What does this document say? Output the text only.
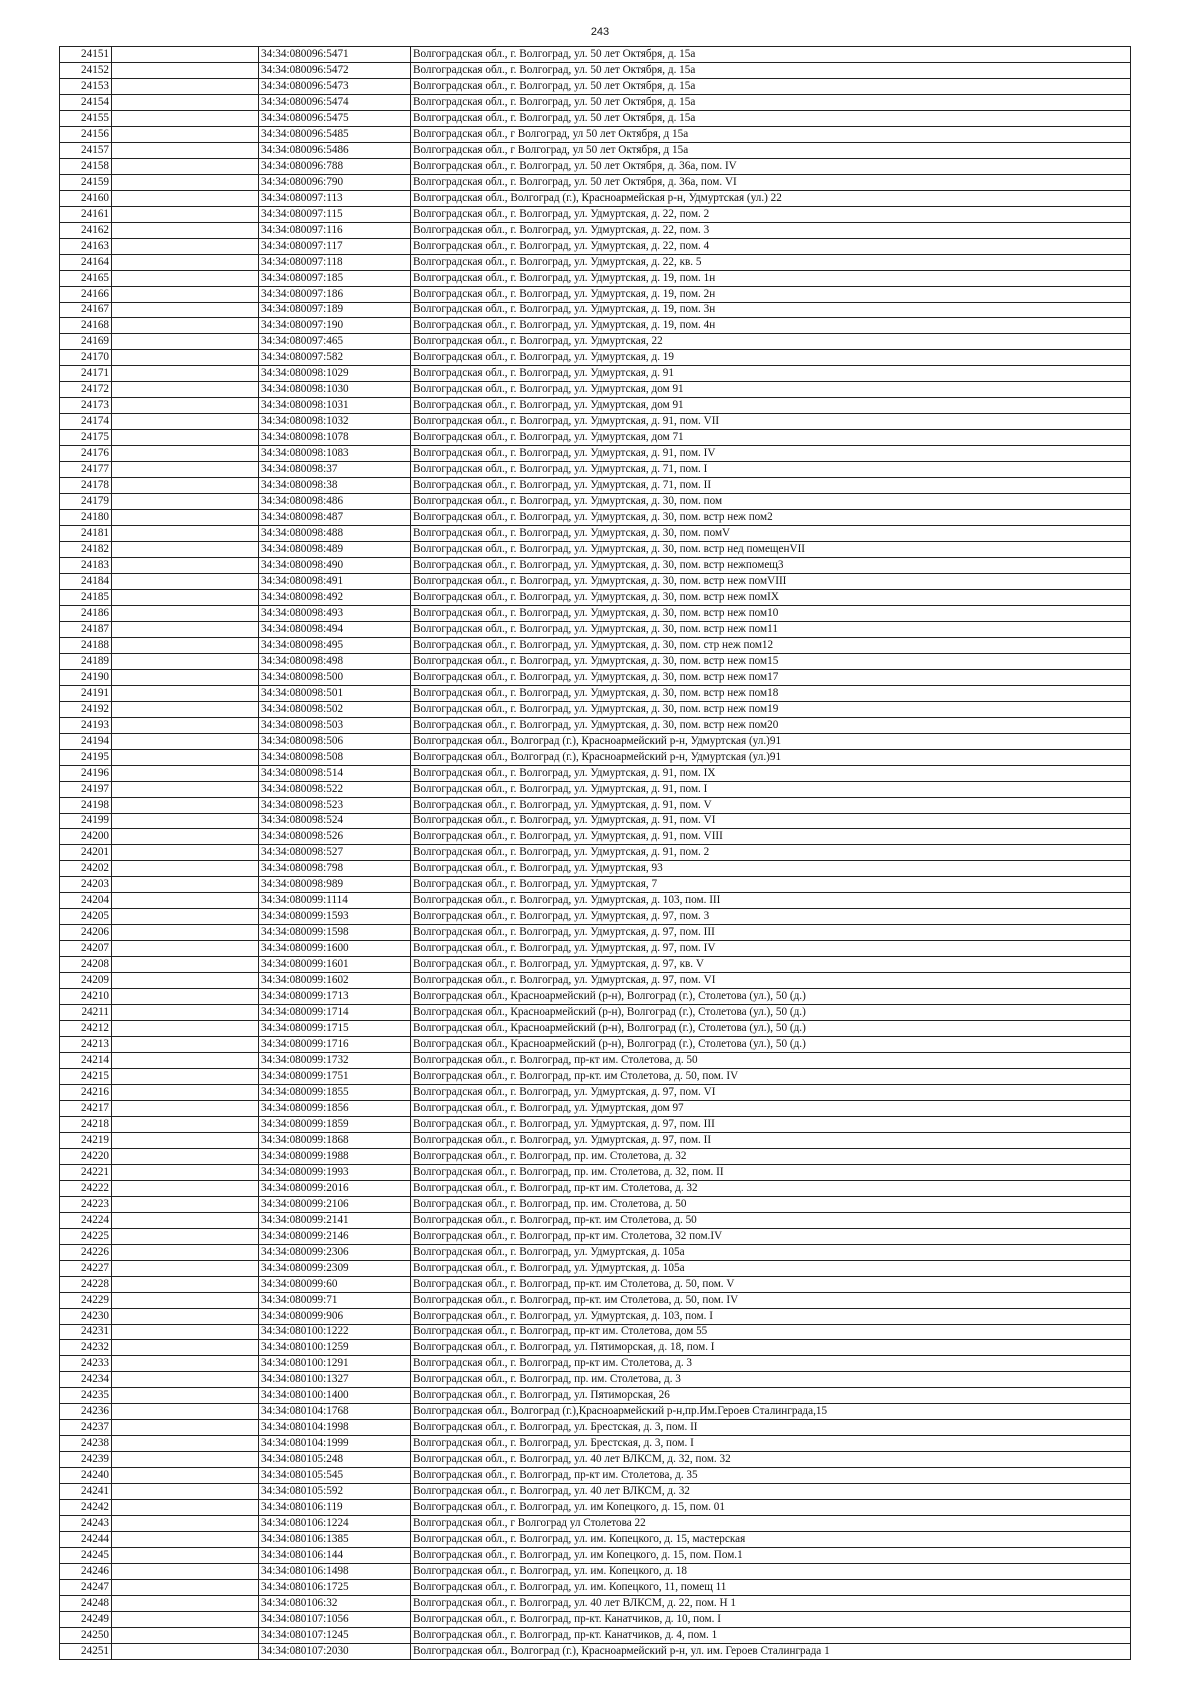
243
24151		34:34:080096:5471	Волгоградская обл., г. Волгоград, ул. 50 лет Октября, д. 15а
24152		34:34:080096:5472	Волгоградская обл., г. Волгоград, ул. 50 лет Октября, д. 15а
24153		34:34:080096:5473	Волгоградская обл., г. Волгоград, ул. 50 лет Октября, д. 15а
24154		34:34:080096:5474	Волгоградская обл., г. Волгоград, ул. 50 лет Октября, д. 15а
24155		34:34:080096:5475	Волгоградская обл., г. Волгоград, ул. 50 лет Октября, д. 15а
24156		34:34:080096:5485	Волгоградская обл., г Волгоград, ул 50 лет Октября, д 15а
24157		34:34:080096:5486	Волгоградская обл., г Волгоград, ул 50 лет Октября, д 15а
24158		34:34:080096:788	Волгоградская обл., г. Волгоград, ул. 50 лет Октября, д. 36а, пом. IV
24159		34:34:080096:790	Волгоградская обл., г. Волгоград, ул. 50 лет Октября, д. 36а, пом. VI
24160		34:34:080097:113	Волгоградская обл., Волгоград (г.), Красноармейская р-н, Удмуртская (ул.) 22
24161		34:34:080097:115	Волгоградская обл., г. Волгоград, ул. Удмуртская, д. 22, пом. 2
24162		34:34:080097:116	Волгоградская обл., г. Волгоград, ул. Удмуртская, д. 22, пом. 3
24163		34:34:080097:117	Волгоградская обл., г. Волгоград, ул. Удмуртская, д. 22, пом. 4
24164		34:34:080097:118	Волгоградская обл., г. Волгоград, ул. Удмуртская, д. 22, кв. 5
24165		34:34:080097:185	Волгоградская обл., г. Волгоград, ул. Удмуртская, д. 19, пом. 1н
24166		34:34:080097:186	Волгоградская обл., г. Волгоград, ул. Удмуртская, д. 19, пом. 2н
24167		34:34:080097:189	Волгоградская обл., г. Волгоград, ул. Удмуртская, д. 19, пом. 3н
24168		34:34:080097:190	Волгоградская обл., г. Волгоград, ул. Удмуртская, д. 19, пом. 4н
24169		34:34:080097:465	Волгоградская обл., г. Волгоград, ул. Удмуртская, 22
24170		34:34:080097:582	Волгоградская обл., г. Волгоград, ул. Удмуртская, д. 19
24171		34:34:080098:1029	Волгоградская обл., г. Волгоград, ул. Удмуртская, д. 91
24172		34:34:080098:1030	Волгоградская обл., г. Волгоград, ул. Удмуртская, дом 91
24173		34:34:080098:1031	Волгоградская обл., г. Волгоград, ул. Удмуртская, дом 91
24174		34:34:080098:1032	Волгоградская обл., г. Волгоград, ул. Удмуртская, д. 91, пом. VII
24175		34:34:080098:1078	Волгоградская обл., г. Волгоград, ул. Удмуртская, дом 71
24176		34:34:080098:1083	Волгоградская обл., г. Волгоград, ул. Удмуртская, д. 91, пом. IV
24177		34:34:080098:37	Волгоградская обл., г. Волгоград, ул. Удмуртская, д. 71, пом. I
24178		34:34:080098:38	Волгоградская обл., г. Волгоград, ул. Удмуртская, д. 71, пом. II
24179		34:34:080098:486	Волгоградская обл., г. Волгоград, ул. Удмуртская, д. 30, пом. пом
24180		34:34:080098:487	Волгоградская обл., г. Волгоград, ул. Удмуртская, д. 30, пом. встр неж пом2
24181		34:34:080098:488	Волгоградская обл., г. Волгоград, ул. Удмуртская, д. 30, пом. помV
24182		34:34:080098:489	Волгоградская обл., г. Волгоград, ул. Удмуртская, д. 30, пом. встр нед помещенVII
24183		34:34:080098:490	Волгоградская обл., г. Волгоград, ул. Удмуртская, д. 30, пом. встр нежпомещ3
24184		34:34:080098:491	Волгоградская обл., г. Волгоград, ул. Удмуртская, д. 30, пом. встр неж помVIII
24185		34:34:080098:492	Волгоградская обл., г. Волгоград, ул. Удмуртская, д. 30, пом. встр неж помIX
24186		34:34:080098:493	Волгоградская обл., г. Волгоград, ул. Удмуртская, д. 30, пом. встр неж пом10
24187		34:34:080098:494	Волгоградская обл., г. Волгоград, ул. Удмуртская, д. 30, пом. встр неж пом11
24188		34:34:080098:495	Волгоградская обл., г. Волгоград, ул. Удмуртская, д. 30, пом. стр неж пом12
24189		34:34:080098:498	Волгоградская обл., г. Волгоград, ул. Удмуртская, д. 30, пом. встр неж пом15
24190		34:34:080098:500	Волгоградская обл., г. Волгоград, ул. Удмуртская, д. 30, пом. встр неж пом17
24191		34:34:080098:501	Волгоградская обл., г. Волгоград, ул. Удмуртская, д. 30, пом. встр неж пом18
24192		34:34:080098:502	Волгоградская обл., г. Волгоград, ул. Удмуртская, д. 30, пом. встр неж пом19
24193		34:34:080098:503	Волгоградская обл., г. Волгоград, ул. Удмуртская, д. 30, пом. встр неж пом20
24194		34:34:080098:506	Волгоградская обл., Волгоград (г.), Красноармейский р-н, Удмуртская (ул.)91
24195		34:34:080098:508	Волгоградская обл., Волгоград (г.), Красноармейский р-н, Удмуртская (ул.)91
24196		34:34:080098:514	Волгоградская обл., г. Волгоград, ул. Удмуртская, д. 91, пом. IX
24197		34:34:080098:522	Волгоградская обл., г. Волгоград, ул. Удмуртская, д. 91, пом. I
24198		34:34:080098:523	Волгоградская обл., г. Волгоград, ул. Удмуртская, д. 91, пом. V
24199		34:34:080098:524	Волгоградская обл., г. Волгоград, ул. Удмуртская, д. 91, пом. VI
24200		34:34:080098:526	Волгоградская обл., г. Волгоград, ул. Удмуртская, д. 91, пом. VIII
24201		34:34:080098:527	Волгоградская обл., г. Волгоград, ул. Удмуртская, д. 91, пом. 2
24202		34:34:080098:798	Волгоградская обл., г. Волгоград, ул. Удмуртская, 93
24203		34:34:080098:989	Волгоградская обл., г. Волгоград, ул. Удмуртская, 7
24204		34:34:080099:1114	Волгоградская обл., г. Волгоград, ул. Удмуртская, д. 103, пом. III
24205		34:34:080099:1593	Волгоградская обл., г. Волгоград, ул. Удмуртская, д. 97, пом. 3
24206		34:34:080099:1598	Волгоградская обл., г. Волгоград, ул. Удмуртская, д. 97, пом. III
24207		34:34:080099:1600	Волгоградская обл., г. Волгоград, ул. Удмуртская, д. 97, пом. IV
24208		34:34:080099:1601	Волгоградская обл., г. Волгоград, ул. Удмуртская, д. 97, кв. V
24209		34:34:080099:1602	Волгоградская обл., г. Волгоград, ул. Удмуртская, д. 97, пом. VI
24210		34:34:080099:1713	Волгоградская обл., Красноармейский (р-н), Волгоград (г.), Столетова (ул.), 50 (д.)
24211		34:34:080099:1714	Волгоградская обл., Красноармейский (р-н), Волгоград (г.), Столетова (ул.), 50 (д.)
24212		34:34:080099:1715	Волгоградская обл., Красноармейский (р-н), Волгоград (г.), Столетова (ул.), 50 (д.)
24213		34:34:080099:1716	Волгоградская обл., Красноармейский (р-н), Волгоград (г.), Столетова (ул.), 50 (д.)
24214		34:34:080099:1732	Волгоградская обл., г. Волгоград, пр-кт им. Столетова, д. 50
24215		34:34:080099:1751	Волгоградская обл., г. Волгоград, пр-кт. им Столетова, д. 50, пом. IV
24216		34:34:080099:1855	Волгоградская обл., г. Волгоград, ул. Удмуртская, д. 97, пом. VI
24217		34:34:080099:1856	Волгоградская обл., г. Волгоград, ул. Удмуртская, дом 97
24218		34:34:080099:1859	Волгоградская обл., г. Волгоград, ул. Удмуртская, д. 97, пом. III
24219		34:34:080099:1868	Волгоградская обл., г. Волгоград, ул. Удмуртская, д. 97, пом. II
24220		34:34:080099:1988	Волгоградская обл., г. Волгоград, пр. им. Столетова, д. 32
24221		34:34:080099:1993	Волгоградская обл., г. Волгоград, пр. им. Столетова, д. 32, пом. II
24222		34:34:080099:2016	Волгоградская обл., г. Волгоград, пр-кт им. Столетова, д. 32
24223		34:34:080099:2106	Волгоградская обл., г. Волгоград, пр. им. Столетова, д. 50
24224		34:34:080099:2141	Волгоградская обл., г. Волгоград, пр-кт. им Столетова, д. 50
24225		34:34:080099:2146	Волгоградская обл., г. Волгоград, пр-кт им. Столетова, 32 пом.IV
24226		34:34:080099:2306	Волгоградская обл., г. Волгоград, ул. Удмуртская, д. 105а
24227		34:34:080099:2309	Волгоградская обл., г. Волгоград, ул. Удмуртская, д. 105а
24228		34:34:080099:60	Волгоградская обл., г. Волгоград, пр-кт. им Столетова, д. 50, пом. V
24229		34:34:080099:71	Волгоградская обл., г. Волгоград, пр-кт. им Столетова, д. 50, пом. IV
24230		34:34:080099:906	Волгоградская обл., г. Волгоград, ул. Удмуртская, д. 103, пом. I
24231		34:34:080100:1222	Волгоградская обл., г. Волгоград, пр-кт им. Столетова, дом 55
24232		34:34:080100:1259	Волгоградская обл., г. Волгоград, ул. Пятиморская, д. 18, пом. I
24233		34:34:080100:1291	Волгоградская обл., г. Волгоград, пр-кт им. Столетова, д. 3
24234		34:34:080100:1327	Волгоградская обл., г. Волгоград, пр. им. Столетова, д. 3
24235		34:34:080100:1400	Волгоградская обл., г. Волгоград, ул. Пятиморская, 26
24236		34:34:080104:1768	Волгоградская обл., Волгоград (г.),Красноармейский р-н,пр.Им.Героев Сталинграда,15
24237		34:34:080104:1998	Волгоградская обл., г. Волгоград, ул. Брестская, д. 3, пом. II
24238		34:34:080104:1999	Волгоградская обл., г. Волгоград, ул. Брестская, д. 3, пом. I
24239		34:34:080105:248	Волгоградская обл., г. Волгоград, ул. 40 лет ВЛКСМ, д. 32, пом. 32
24240		34:34:080105:545	Волгоградская обл., г. Волгоград, пр-кт им. Столетова, д. 35
24241		34:34:080105:592	Волгоградская обл., г. Волгоград, ул. 40 лет ВЛКСМ, д. 32
24242		34:34:080106:119	Волгоградская обл., г. Волгоград, ул. им Копецкого, д. 15, пом. 01
24243		34:34:080106:1224	Волгоградская обл., г Волгоград ул Столетова 22
24244		34:34:080106:1385	Волгоградская обл., г. Волгоград, ул. им. Копецкого, д. 15, мастерская
24245		34:34:080106:144	Волгоградская обл., г. Волгоград, ул. им Копецкого, д. 15, пом. Пом.1
24246		34:34:080106:1498	Волгоградская обл., г. Волгоград, ул. им. Копецкого, д. 18
24247		34:34:080106:1725	Волгоградская обл., г. Волгоград, ул. им. Копецкого, 11, помещ 11
24248		34:34:080106:32	Волгоградская обл., г. Волгоград, ул. 40 лет ВЛКСМ, д. 22, пом. Н 1
24249		34:34:080107:1056	Волгоградская обл., г. Волгоград, пр-кт. Канатчиков, д. 10, пом. I
24250		34:34:080107:1245	Волгоградская обл., г. Волгоград, пр-кт. Канатчиков, д. 4, пом. 1
24251		34:34:080107:2030	Волгоградская обл., Волгоград (г.), Красноармейский р-н, ул. им. Героев Сталинграда 1
